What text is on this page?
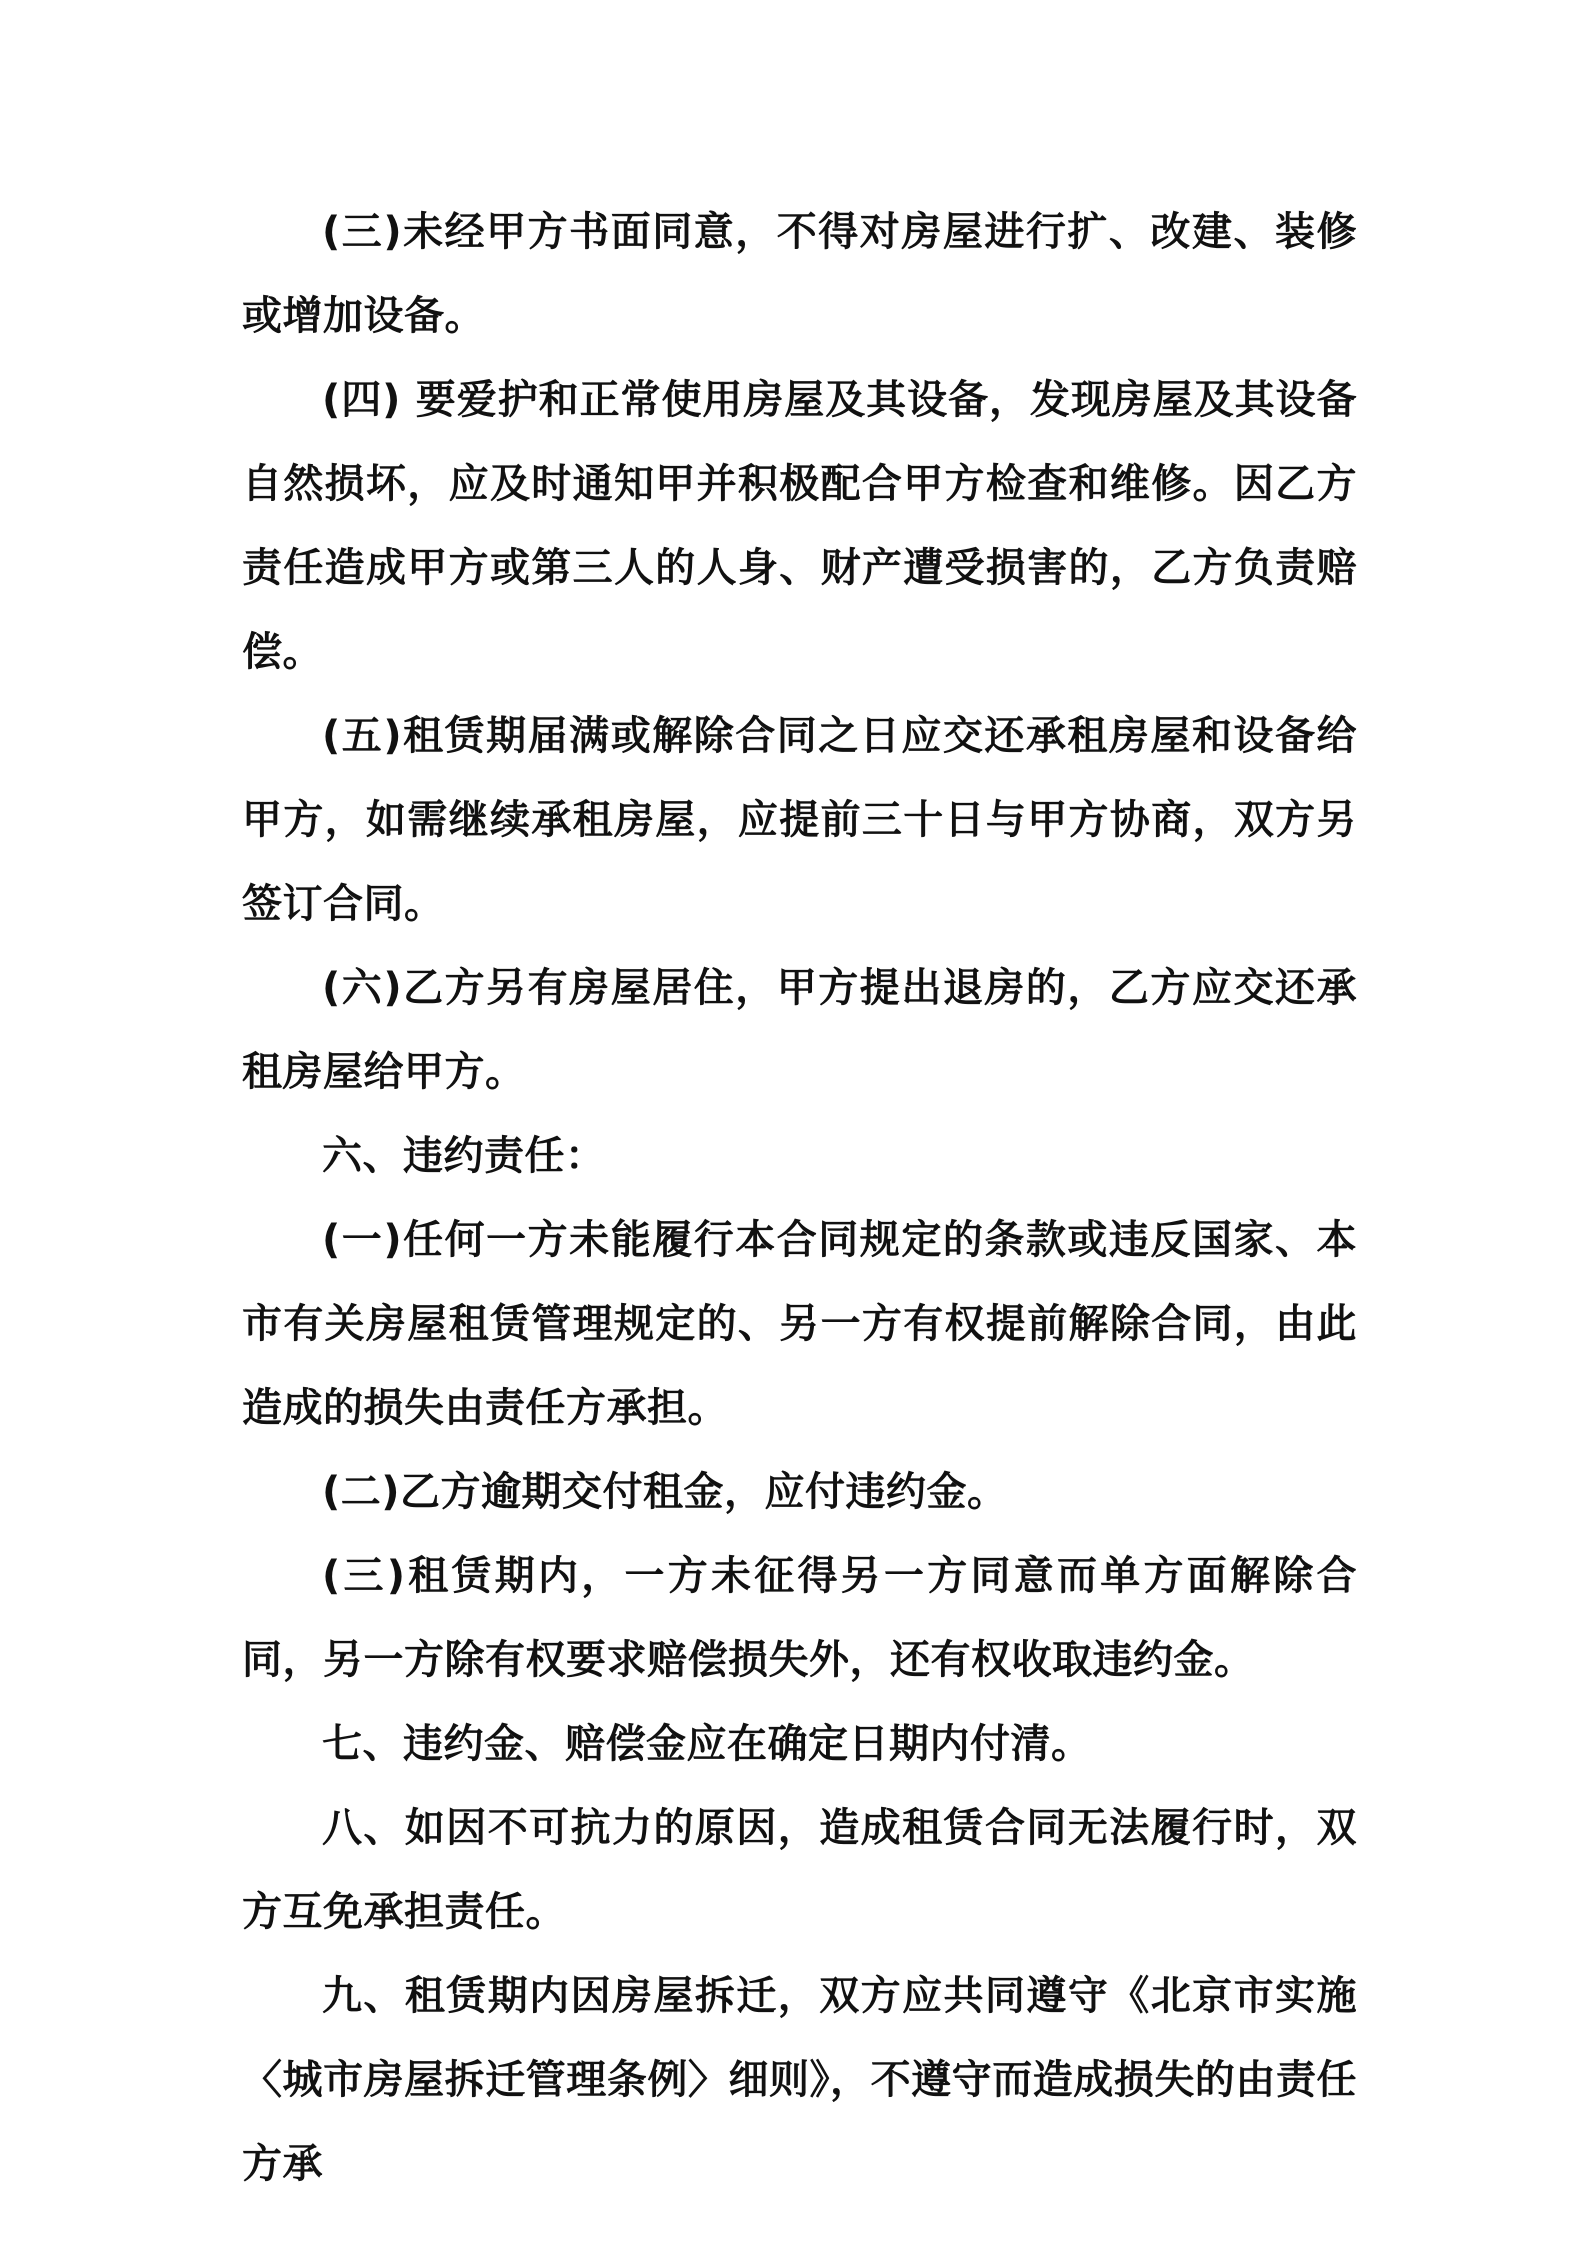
(三)未经甲方书面同意，不得对房屋进行扩、改建、装修或增加设备。

(四) 要爱护和正常使用房屋及其设备，发现房屋及其设备自然损坏，应及时通知甲并积极配合甲方检查和维修。因乙方责任造成甲方或第三人的人身、财产遭受损害的，乙方负责赔偿。

(五)租赁期届满或解除合同之日应交还承租房屋和设备给甲方，如需继续承租房屋，应提前三十日与甲方协商，双方另签订合同。

(六)乙方另有房屋居住，甲方提出退房的，乙方应交还承租房屋给甲方。

六、违约责任：

(一)任何一方未能履行本合同规定的条款或违反国家、本市有关房屋租赁管理规定的、另一方有权提前解除合同，由此造成的损失由责任方承担。

(二)乙方逾期交付租金，应付违约金。

(三)租赁期内，一方未征得另一方同意而单方面解除合同，另一方除有权要求赔偿损失外，还有权收取违约金。

七、违约金、赔偿金应在确定日期内付清。

八、如因不可抗力的原因，造成租赁合同无法履行时，双方互免承担责任。

九、租赁期内因房屋拆迁，双方应共同遵守《北京市实施〈城市房屋拆迁管理条例〉细则》，不遵守而造成损失的由责任方承
